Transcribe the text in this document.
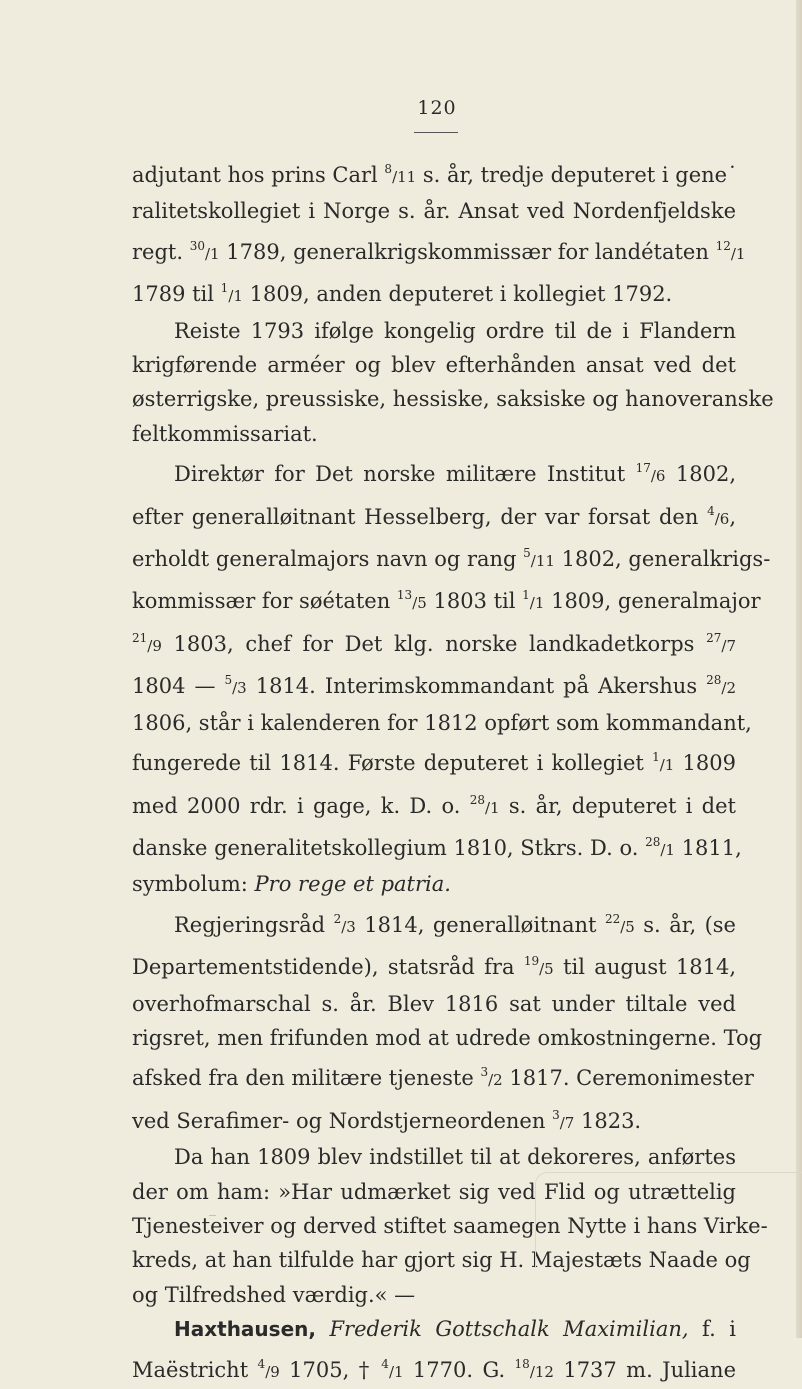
120
adjutant hos prins Carl $^8$/11 s. år, tredje deputeret i gene˙
ralitetskollegiet i Norge s. år. Ansat ved Nordenfjeldske
regt. $^{30}$/1 1789, generalkrigskommissær for landétaten $^{12}$/1
1789 til $^1$/1 1809, anden deputeret i kollegiet 1792.
Reiste 1793 ifølge kongelig ordre til de i Flandern
krigførende arméer og blev efterhånden ansat ved det
østerrigske, preussiske, hessiske, saksiske og hanoveranske
feltkommissariat.
Direktør for Det norske militære Institut $^{17}$/6 1802,
efter generalløitnant Hesselberg, der var forsat den $^4$/6,
erholdt generalmajors navn og rang $^5$/11 1802, generalkrigs-
kommissær for søétaten $^{13}$/5 1803 til $^1$/1 1809, generalmajor
$^{21}$/9 1803, chef for Det klg. norske landkadetkorps $^{27}$/7
1804 — $^5$/3 1814. Interimskommandant på Akershus $^{28}$/2
1806, står i kalenderen for 1812 opført som kommandant,
fungerede til 1814. Første deputeret i kollegiet $^1$/1 1809
med 2000 rdr. i gage, k. D. o. $^{28}$/1 s. år, deputeret i det
danske generalitetskollegium 1810, Stkrs. D. o. $^{28}$/1 1811,
symbolum: Pro rege et patria.
Regjeringsråd $^2$/3 1814, generalløitnant $^{22}$/5 s. år, (se
Departementstidende), statsråd fra $^{19}$/5 til august 1814,
overhofmarschal s. år. Blev 1816 sat under tiltale ved
rigsret, men frifunden mod at udrede omkostningerne. Tog
afsked fra den militære tjeneste $^3$/2 1817. Ceremonimester
ved Serafimer- og Nordstjerneordenen $^3$/7 1823.
Da han 1809 blev indstillet til at dekoreres, anførtes
der om ham: »Har udmærket sig ved Flid og utrættelig
Tjenesteiver og derved stiftet saamegen Nytte i hans Virke-
kreds, at han tilfulde har gjort sig H. Majestæts Naade og
og Tilfredshed værdig.« —
Haxthausen, Frederik Gottschalk Maximilian, f. i
Maëstricht $^4$/9 1705, † $^4$/1 1770. G. $^{18}$/12 1737 m. Juliane
